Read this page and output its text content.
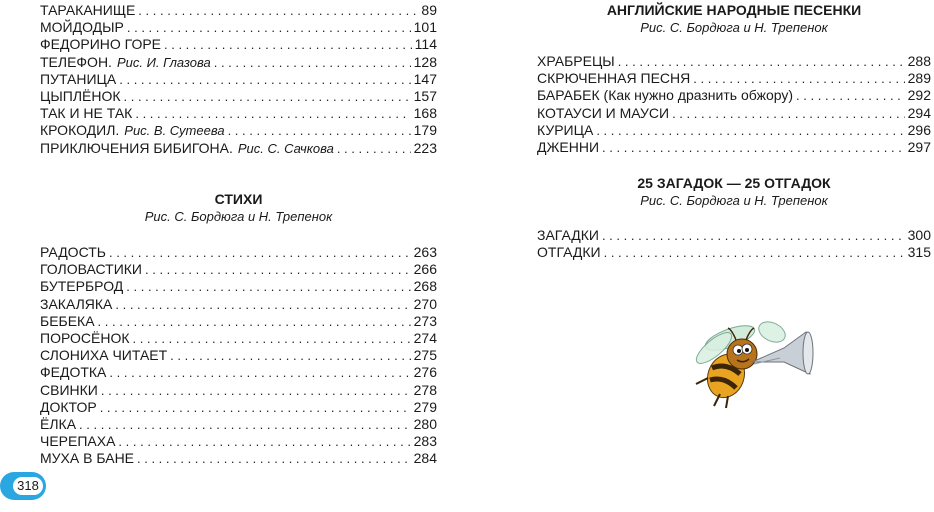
ТАРАКАНИЩЕ . . .	89
МОЙДОДЫР . . .	101
ФЕДОРИНО ГОРЕ . . .	114
ТЕЛЕФОН. Рис. И. Глазова . . .	128
ПУТАНИЦА . . .	147
ЦЫПЛЁНОК . . .	157
ТАК И НЕ ТАК . . .	168
КРОКОДИЛ. Рис. В. Сутеева . . .	179
ПРИКЛЮЧЕНИЯ БИБИГОНА. Рис. С. Сачкова . . .	223
СТИХИ
Рис. С. Бордюга и Н. Трепенок
РАДОСТЬ . . .	263
ГОЛОВАСТИКИ . . .	266
БУТЕРБРОД . . .	268
ЗАКАЛЯКА . . .	270
БЕБЕКА . . .	273
ПОРОСЁНОК . . .	274
СЛОНИХА ЧИТАЕТ . . .	275
ФЕДОТКА . . .	276
СВИНКИ . . .	278
ДОКТОР . . .	279
ЁЛКА . . .	280
ЧЕРЕПАХА . . .	283
МУХА В БАНЕ . . .	284
АНГЛИЙСКИЕ НАРОДНЫЕ ПЕСЕНКИ
Рис. С. Бордюга и Н. Трепенок
ХРАБРЕЦЫ . . .	288
СКРЮЧЕННАЯ ПЕСНЯ . . .	289
БАРАБЕК (Как нужно дразнить обжору) . . .	292
КОТАУСИ И МАУСИ . . .	294
КУРИЦА . . .	296
ДЖЕННИ . . .	297
25 ЗАГАДОК — 25 ОТГАДОК
Рис. С. Бордюга и Н. Трепенок
ЗАГАДКИ . . .	300
ОТГАДКИ . . .	315
318
